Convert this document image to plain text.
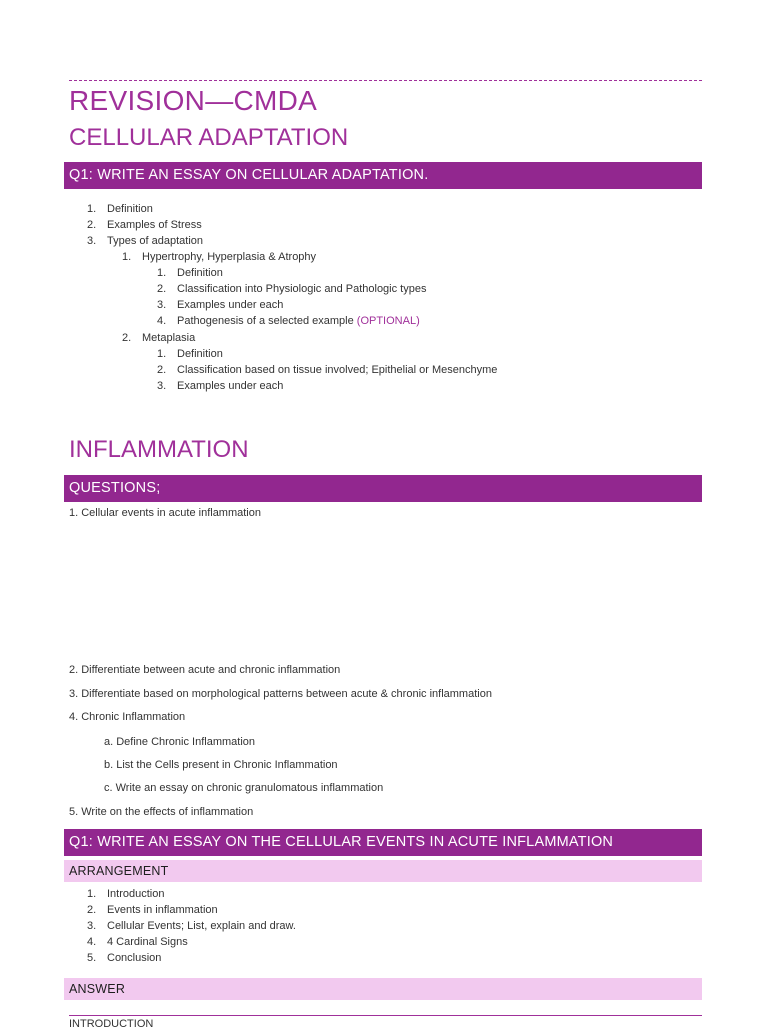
REVISION—CMDA
CELLULAR ADAPTATION
Q1: WRITE AN ESSAY ON CELLULAR ADAPTATION.
1. Definition
2. Examples of Stress
3. Types of adaptation
1. Hypertrophy, Hyperplasia & Atrophy
1. Definition
2. Classification into Physiologic and Pathologic types
3. Examples under each
4. Pathogenesis of a selected example (OPTIONAL)
2. Metaplasia
1. Definition
2. Classification based on tissue involved; Epithelial or Mesenchyme
3. Examples under each
INFLAMMATION
QUESTIONS;
1. Cellular events in acute inflammation
2. Differentiate between acute and chronic inflammation
3. Differentiate based on morphological patterns between acute & chronic inflammation
4. Chronic Inflammation
a. Define Chronic Inflammation
b. List the Cells present in Chronic Inflammation
c. Write an essay on chronic granulomatous inflammation
5. Write on the effects of inflammation
Q1: WRITE AN ESSAY ON THE CELLULAR EVENTS IN ACUTE INFLAMMATION
ARRANGEMENT
1. Introduction
2. Events in inflammation
3. Cellular Events; List, explain and draw.
4. 4 Cardinal Signs
5. Conclusion
ANSWER
INTRODUCTION
